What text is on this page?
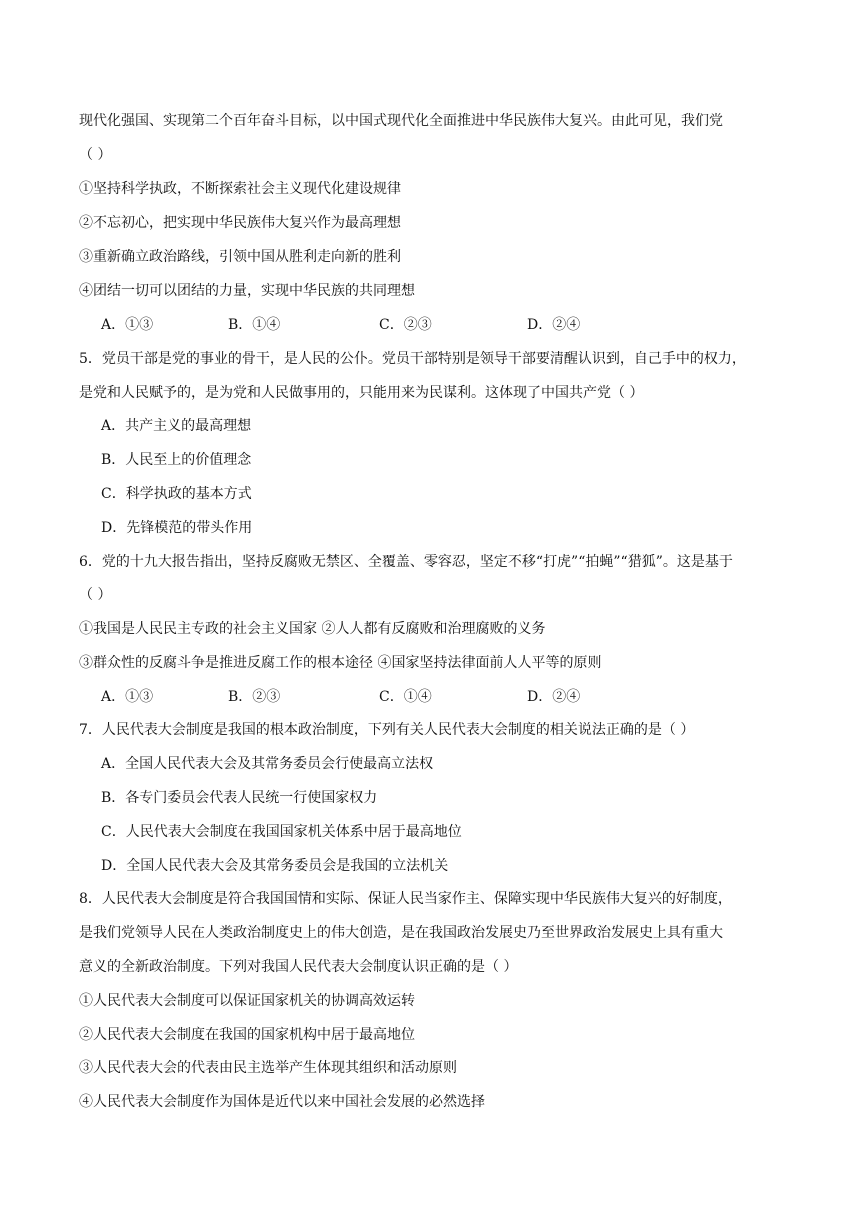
现代化强国、实现第二个百年奋斗目标，以中国式现代化全面推进中华民族伟大复兴。由此可见，我们党
（ ）
①坚持科学执政，不断探索社会主义现代化建设规律
②不忘初心，把实现中华民族伟大复兴作为最高理想
③重新确立政治路线，引领中国从胜利走向新的胜利
④团结一切可以团结的力量，实现中华民族的共同理想
A．①③	B．①④	C．②③	D．②④
5．党员干部是党的事业的骨干，是人民的公仆。党员干部特别是领导干部要清醒认识到，自己手中的权力，
是党和人民赋予的，是为党和人民做事用的，只能用来为民谋利。这体现了中国共产党（ ）
A．共产主义的最高理想
B．人民至上的价值理念
C．科学执政的基本方式
D．先锋模范的带头作用
6．党的十九大报告指出，坚持反腐败无禁区、全覆盖、零容忍，坚定不移“打虎”“拍蝇”“猎狐”。这是基于
（ ）
①我国是人民民主专政的社会主义国家 ②人人都有反腐败和治理腐败的义务
③群众性的反腐斗争是推进反腐工作的根本途径 ④国家坚持法律面前人人平等的原则
A．①③	B．②③	C．①④	D．②④
7．人民代表大会制度是我国的根本政治制度，下列有关人民代表大会制度的相关说法正确的是（ ）
A．全国人民代表大会及其常务委员会行使最高立法权
B．各专门委员会代表人民统一行使国家权力
C．人民代表大会制度在我国国家机关体系中居于最高地位
D．全国人民代表大会及其常务委员会是我国的立法机关
8．人民代表大会制度是符合我国国情和实际、保证人民当家作主、保障实现中华民族伟大复兴的好制度，
是我们党领导人民在人类政治制度史上的伟大创造，是在我国政治发展史乃至世界政治发展史上具有重大
意义的全新政治制度。下列对我国人民代表大会制度认识正确的是（ ）
①人民代表大会制度可以保证国家机关的协调高效运转
②人民代表大会制度在我国的国家机构中居于最高地位
③人民代表大会的代表由民主选举产生体现其组织和活动原则
④人民代表大会制度作为国体是近代以来中国社会发展的必然选择
